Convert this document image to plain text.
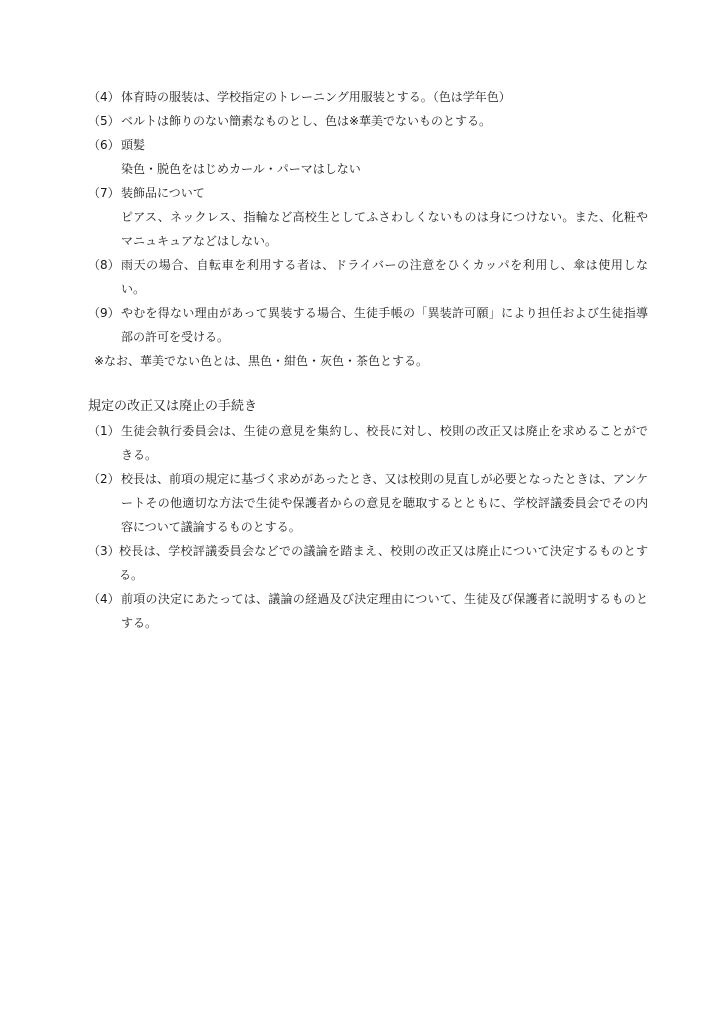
（4） 体育時の服装は、学校指定のトレーニング用服装とする。（色は学年色）
（5） ベルトは飾りのない簡素なものとし、色は※華美でないものとする。
（6） 頭髪
染色・脱色をはじめカール・パーマはしない
（7） 装飾品について
ピアス、ネックレス、指輪など高校生としてふさわしくないものは身につけない。また、化粧やマニュキュアなどはしない。
（8） 雨天の場合、自転車を利用する者は、ドライバーの注意をひくカッパを利用し、傘は使用しない。
（9） やむを得ない理由があって異装する場合、生徒手帳の「異装許可願」により担任および生徒指導部の許可を受ける。
※なお、華美でない色とは、黒色・紺色・灰色・茶色とする。
規定の改正又は廃止の手続き
（1） 生徒会執行委員会は、生徒の意見を集約し、校長に対し、校則の改正又は廃止を求めることができる。
（2） 校長は、前項の規定に基づく求めがあったとき、又は校則の見直しが必要となったときは、アンケートその他適切な方法で生徒や保護者からの意見を聴取するとともに、学校評議委員会でその内容について議論するものとする。
（3） 校長は、学校評議委員会などでの議論を踏まえ、校則の改正又は廃止について決定するものとする。
（4） 前項の決定にあたっては、議論の経過及び決定理由について、生徒及び保護者に説明するものとする。
